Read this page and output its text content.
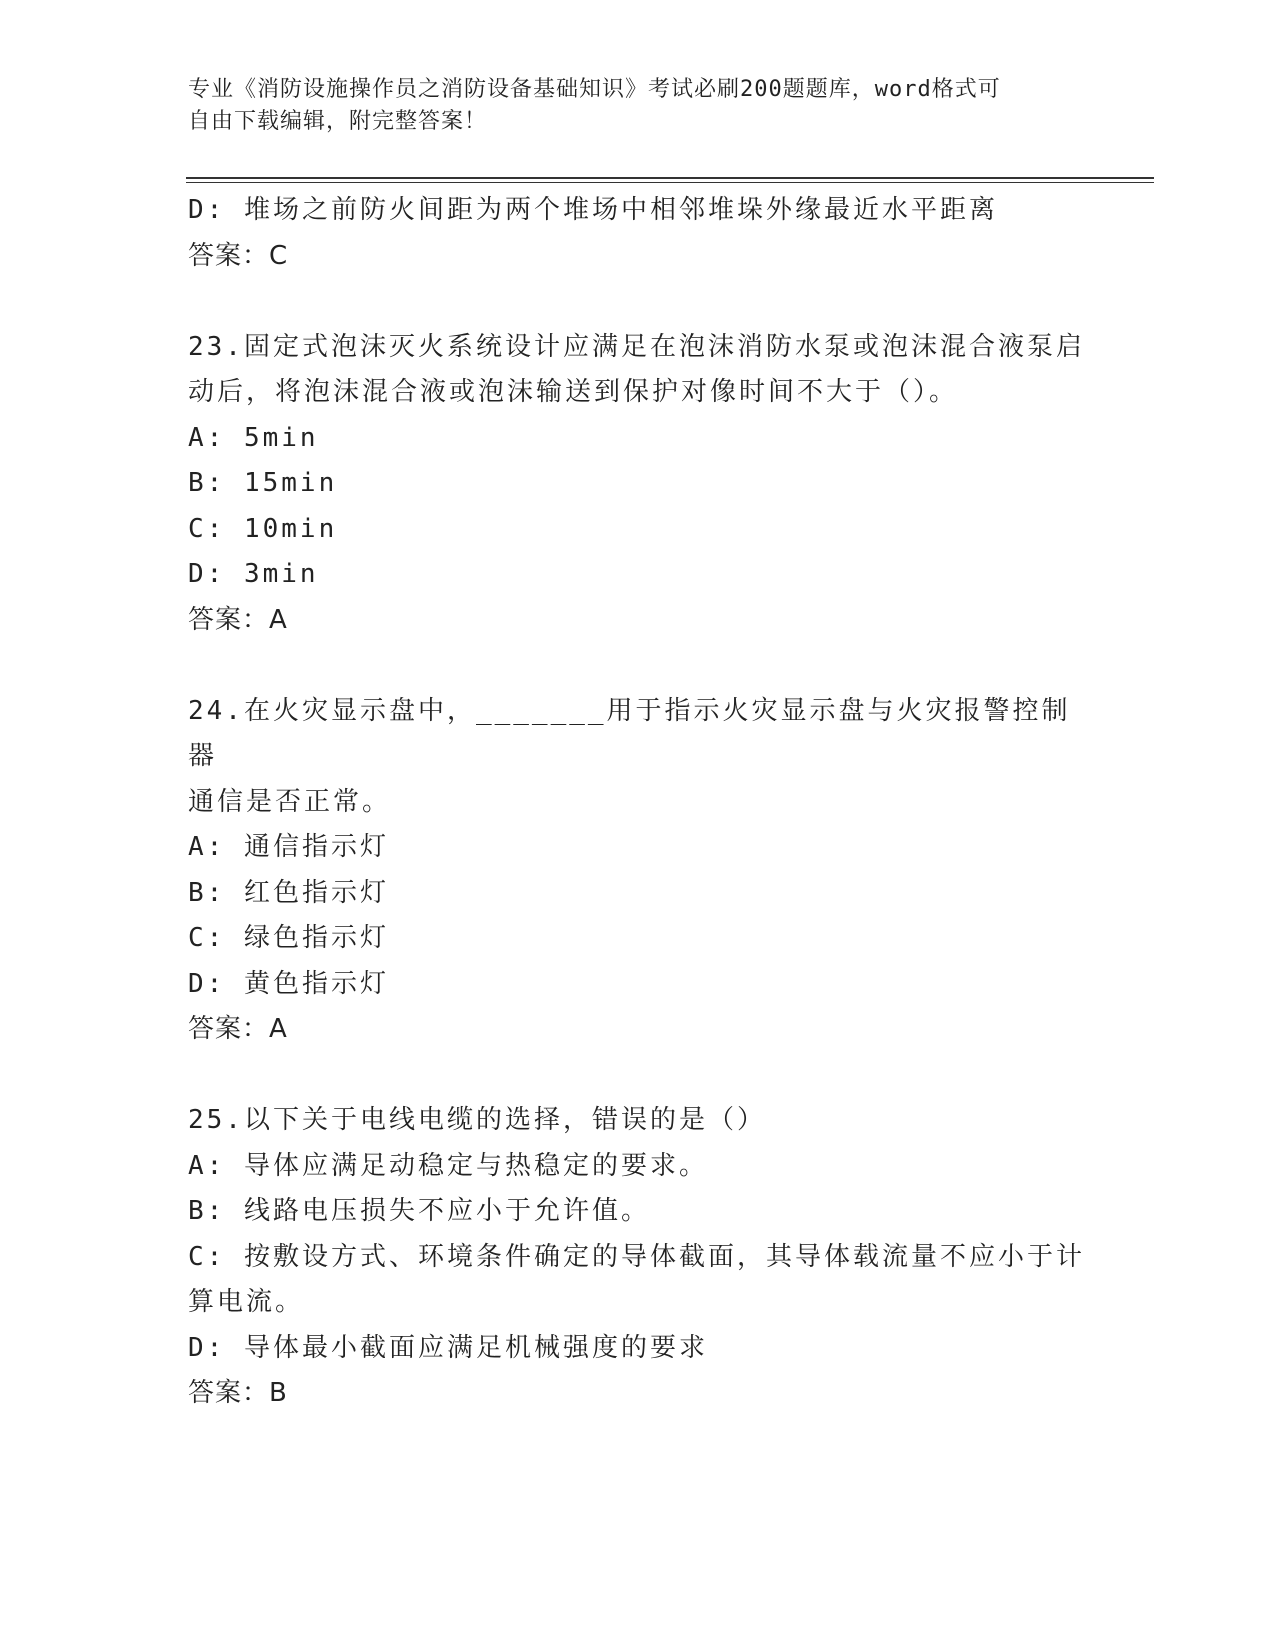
专业《消防设施操作员之消防设备基础知识》考试必刷200题题库，word格式可
自由下载编辑，附完整答案！
D: 堆场之前防火间距为两个堆场中相邻堆垛外缘最近水平距离
答案：C
23.固定式泡沫灭火系统设计应满足在泡沫消防水泵或泡沫混合液泵启
动后，将泡沫混合液或泡沫输送到保护对像时间不大于（）。
A: 5min
B: 15min
C: 10min
D: 3min
答案：A
24.在火灾显示盘中，_______用于指示火灾显示盘与火灾报警控制器
通信是否正常。
A: 通信指示灯
B: 红色指示灯
C: 绿色指示灯
D: 黄色指示灯
答案：A
25.以下关于电线电缆的选择，错误的是（）
A: 导体应满足动稳定与热稳定的要求。
B: 线路电压损失不应小于允许值。
C: 按敷设方式、环境条件确定的导体截面，其导体载流量不应小于计
算电流。
D: 导体最小截面应满足机械强度的要求
答案：B
